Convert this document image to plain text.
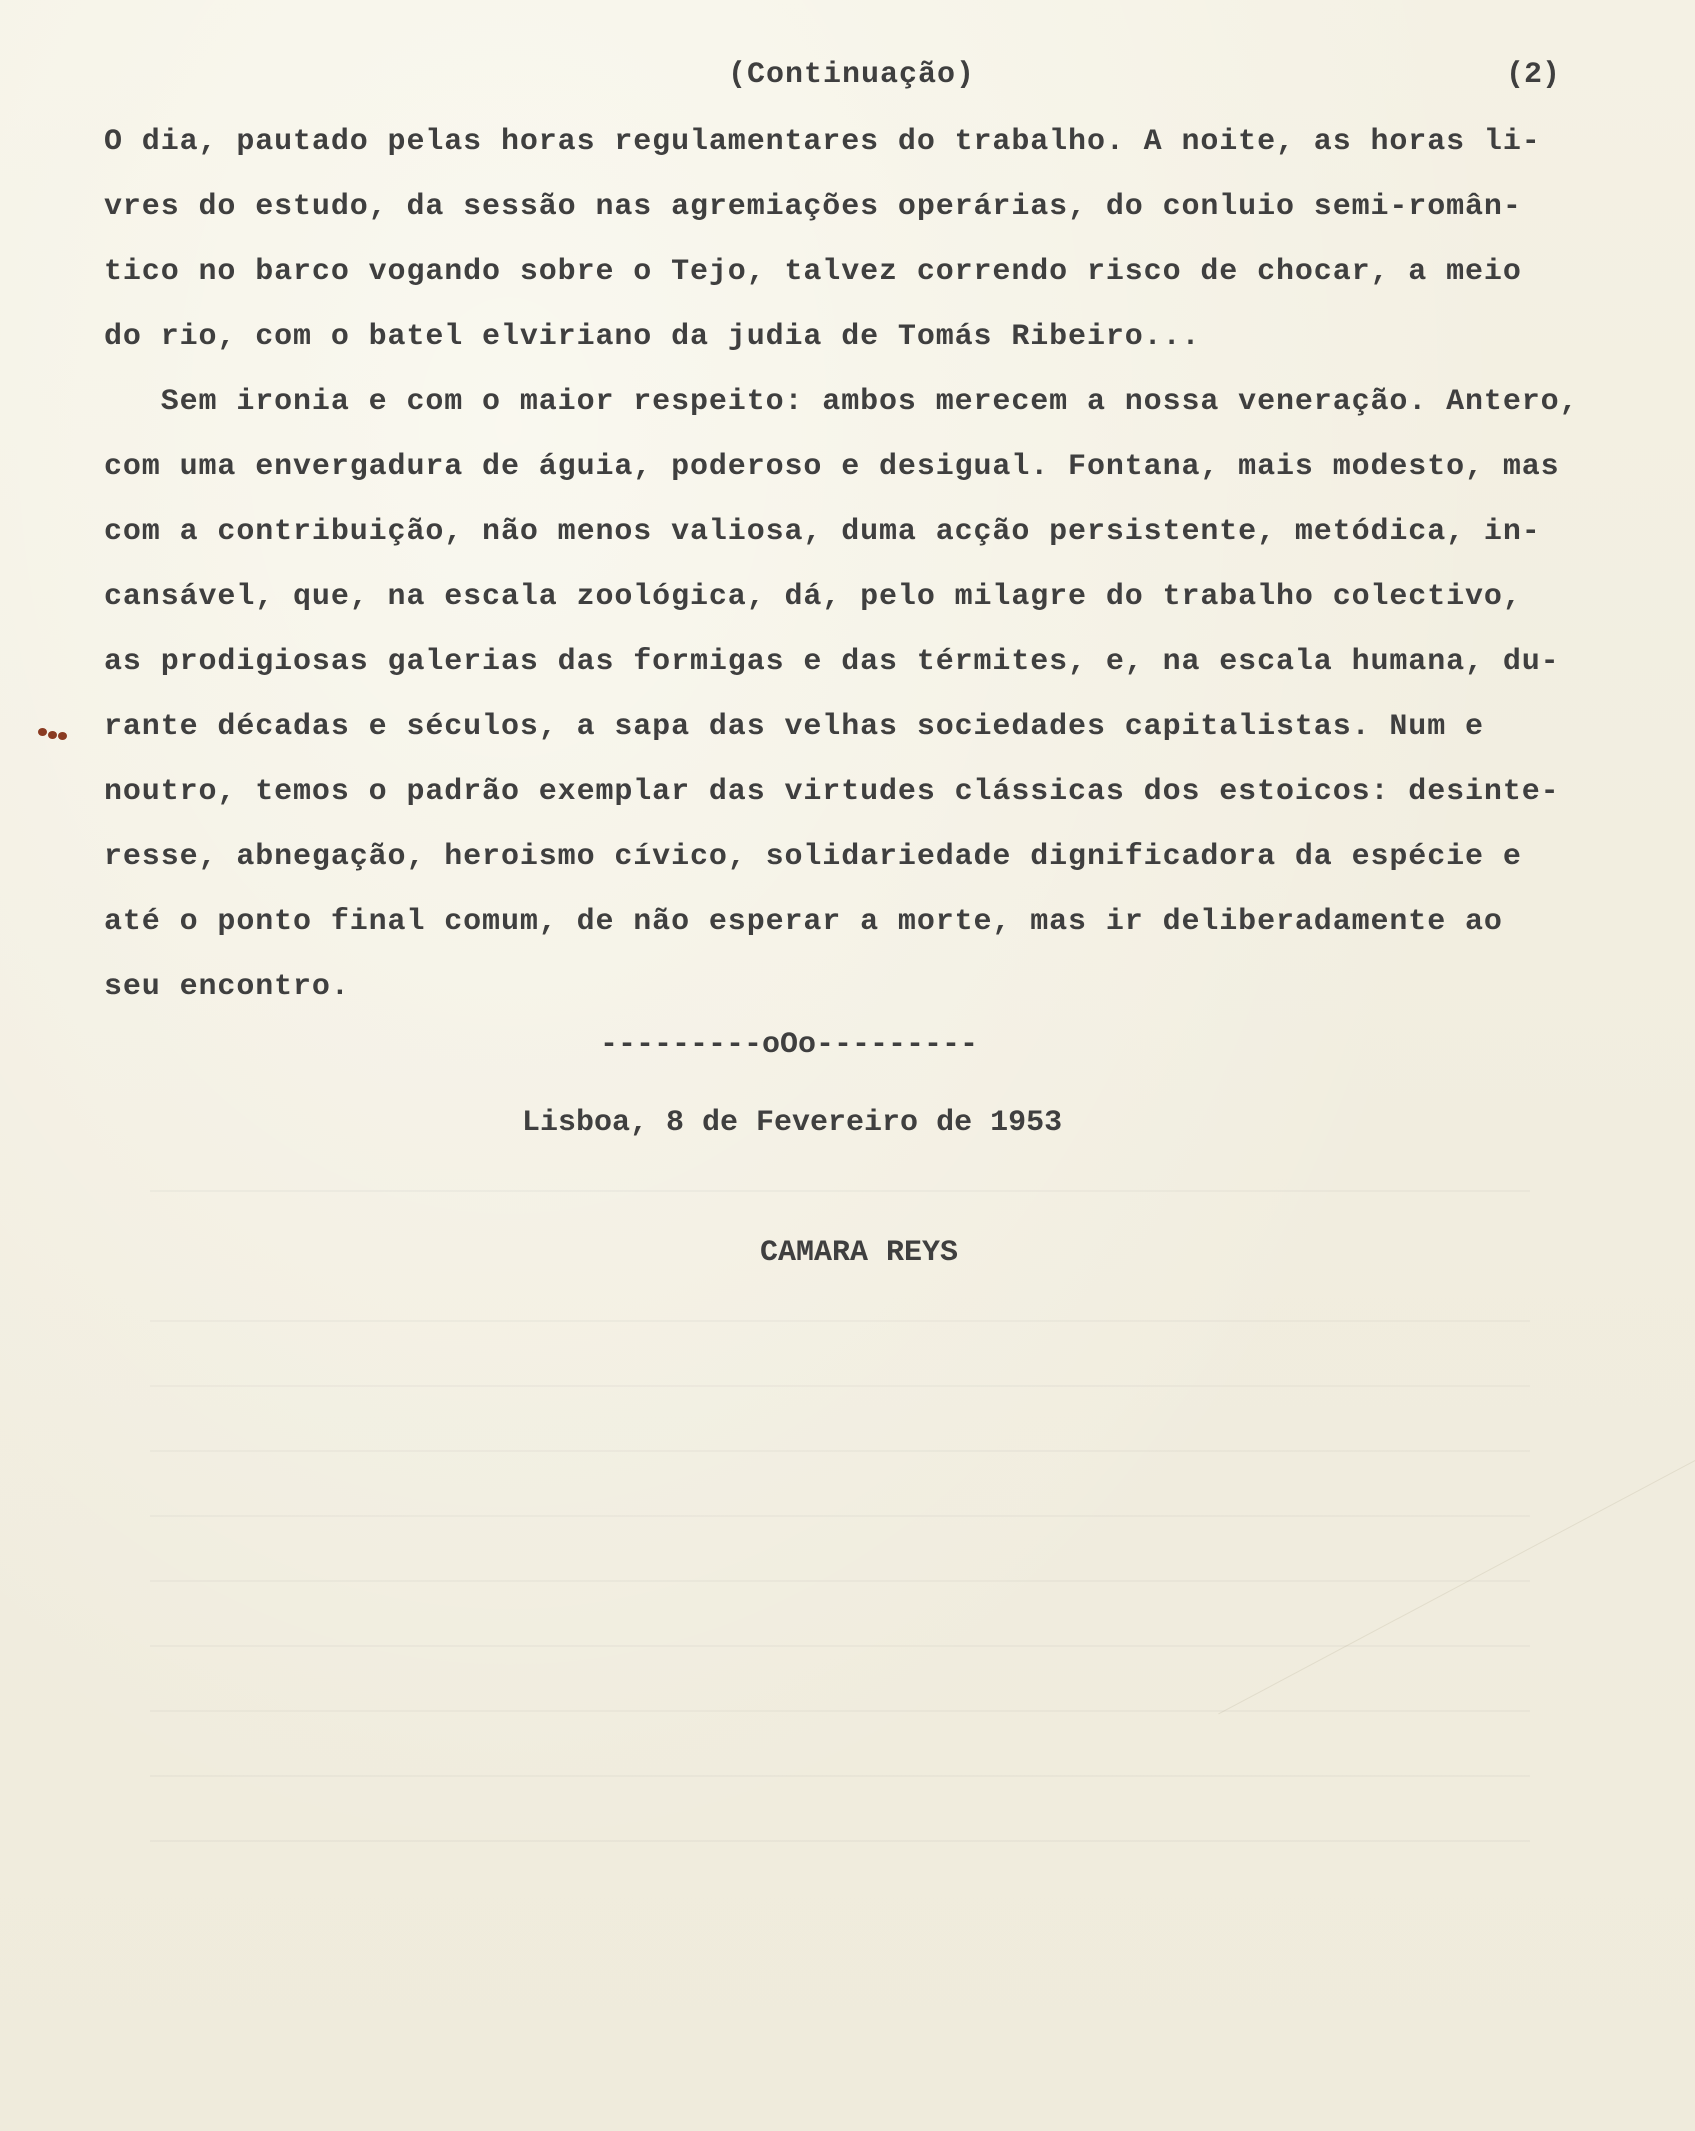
(Continuação)	(2)
O dia, pautado pelas horas regulamentares do trabalho. A noite, as horas li-
vres do estudo, da sessão nas agremiações operárias, do conluio semi-român-
tico no barco vogando sobre o Tejo, talvez correndo risco de chocar, a meio
do rio, com o batel elviriano da judia de Tomás Ribeiro...
Sem ironia e com o maior respeito: ambos merecem a nossa veneração. Antero,
com uma envergadura de águia, poderoso e desigual. Fontana, mais modesto, mas
com a contribuição, não menos valiosa, duma acção persistente, metódica, in-
cansável, que, na escala zoológica, dá, pelo milagre do trabalho colectivo,
as prodigiosas galerias das formigas e das térmites, e, na escala humana, du-
rante décadas e séculos, a sapa das velhas sociedades capitalistas. Num e
noutro, temos o padrão exemplar das virtudes clássicas dos estoicos: desinte-
resse, abnegação, heroismo cívico, solidariedade dignificadora da espécie e
até o ponto final comum, de não esperar a morte, mas ir deliberadamente ao
seu encontro.
---------oOo---------
Lisboa, 8 de Fevereiro de 1953
CAMARA REYS
